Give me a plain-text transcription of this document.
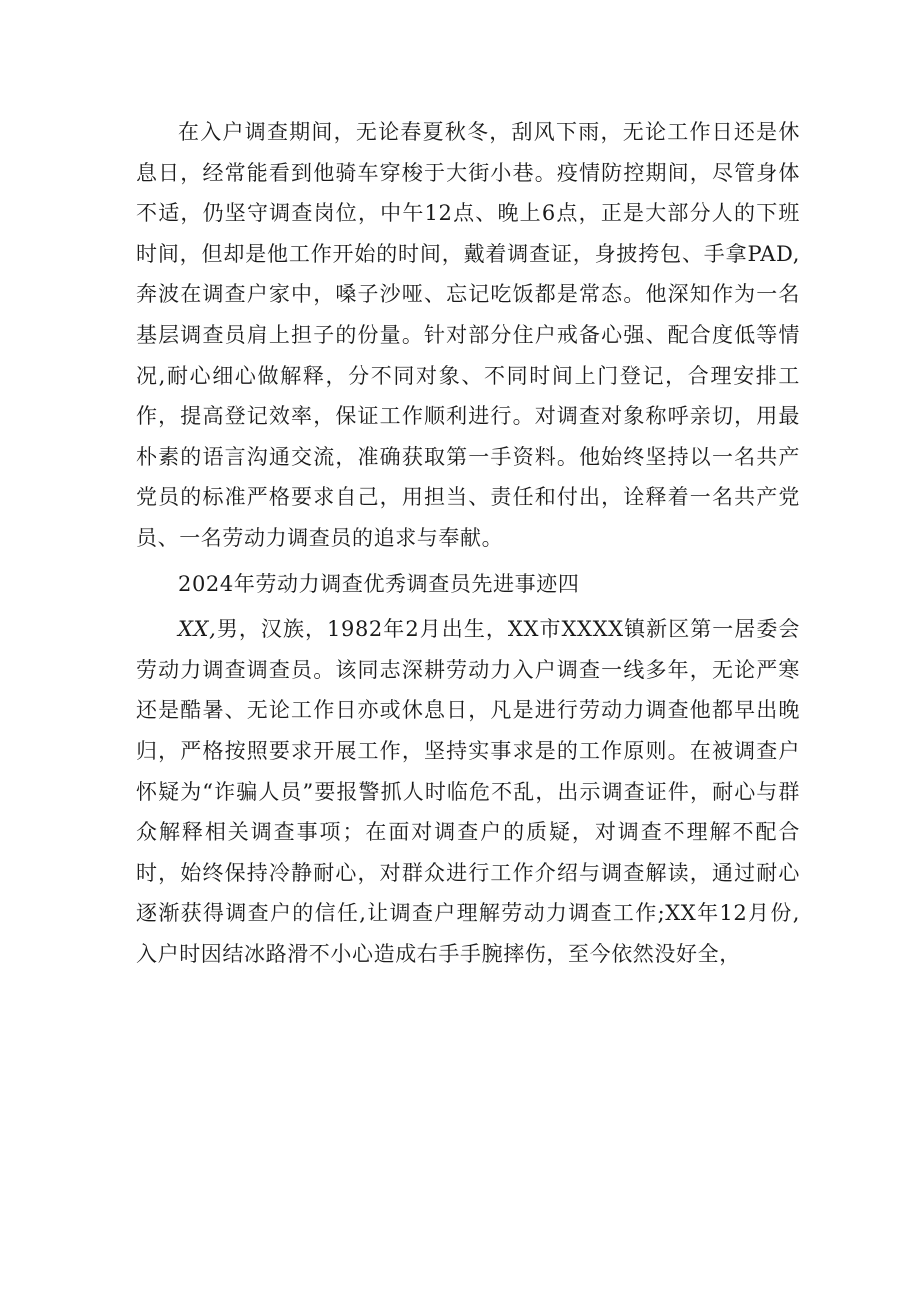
在入户调查期间，无论春夏秋冬，刮风下雨，无论工作日还是休息日，经常能看到他骑车穿梭于大街小巷。疫情防控期间，尽管身体不适，仍坚守调查岗位，中午12点、晚上6点，正是大部分人的下班时间，但却是他工作开始的时间，戴着调查证，身披挎包、手拿PAD,奔波在调查户家中，嗓子沙哑、忘记吃饭都是常态。他深知作为一名基层调查员肩上担子的份量。针对部分住户戒备心强、配合度低等情况,耐心细心做解释，分不同对象、不同时间上门登记，合理安排工作，提高登记效率，保证工作顺利进行。对调查对象称呼亲切，用最朴素的语言沟通交流，准确获取第一手资料。他始终坚持以一名共产党员的标准严格要求自己，用担当、责任和付出，诠释着一名共产党员、一名劳动力调查员的追求与奉献。

2024年劳动力调查优秀调查员先进事迹四

XX,男，汉族，1982年2月出生，XX市XXXX镇新区第一居委会劳动力调查调查员。该同志深耕劳动力入户调查一线多年，无论严寒还是酷暑、无论工作日亦或休息日，凡是进行劳动力调查他都早出晚归，严格按照要求开展工作，坚持实事求是的工作原则。在被调查户怀疑为“诈骗人员”要报警抓人时临危不乱，出示调查证件，耐心与群众解释相关调查事项；在面对调查户的质疑，对调查不理解不配合时，始终保持冷静耐心，对群众进行工作介绍与调查解读，通过耐心逐渐获得调查户的信任,让调查户理解劳动力调查工作;XX年12月份,入户时因结冰路滑不小心造成右手手腕摔伤，至今依然没好全，
